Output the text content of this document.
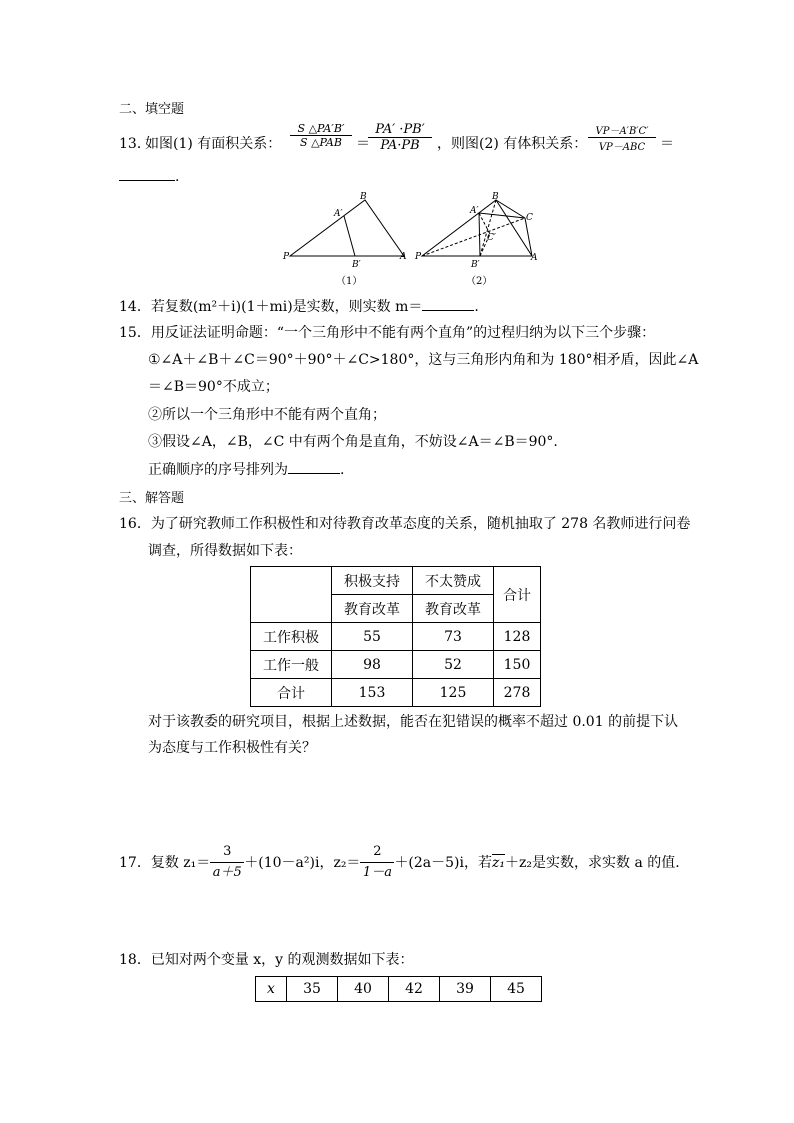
二、填空题
13．
如图(1) 有面积关系： $\frac{S \triangle PA'B'}{\text{S △PAB}}$ ＝
$\frac{PA' \cdot PB'}{PA\cdot PB}$ ，则图(2) 有体积关系： $\frac{VP-A'B'C'}{\text{VP－ABC}}$ ＝
.
B
A′
P
B′
A
（1）
B
A′
C
C′
P
B′
A
（2）
14．若复数(m²＋i)(1＋mi)是实数，则实数 m＝	.
15．用反证法证明命题：“一个三角形中不能有两个直角”的过程归纳为以下三个步骤：
①∠A＋∠B＋∠C＝90°＋90°＋∠C>180°，这与三角形内角和为 180°相矛盾，因此∠A
＝∠B＝90°不成立；
②所以一个三角形中不能有两个直角；
③假设∠A，∠B，∠C 中有两个角是直角，不妨设∠A＝∠B＝90°.
正确顺序的序号排列为	.
三、解答题
16．为了研究教师工作积极性和对待教育改革态度的关系，随机抽取了 278 名教师进行问卷
调查，所得数据如下表：
	积极支持	不太赞成	合计
	教育改革	教育改革	
工作积极	55	73	128
工作一般	98	52	150
合计	153	125	278
对于该教委的研究项目，根据上述数据，能否在犯错误的概率不超过 0.01 的前提下认
为态度与工作积极性有关？
17．复数 $z_1= \frac{3}{a+5} +(10-a^2)i$，$z_2= \frac{2}{1-a} +(2a-5)i$，若 z₁ ＋z₂是实数，求实数 a 的值.
18．已知对两个变量 x，y 的观测数据如下表：
x	35	40	42	39	45
